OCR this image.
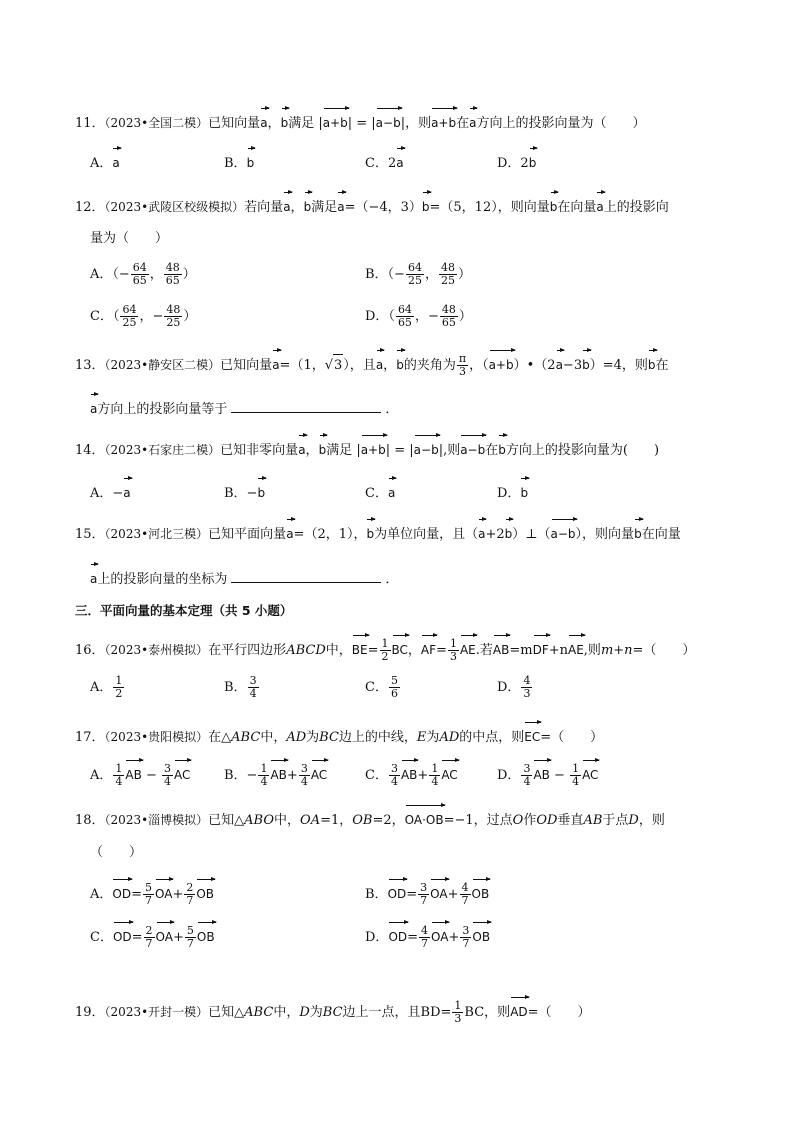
11．（2023•全国二模）已知向量a，b满足 |a+b| = |a−b|，则a+b在a方向上的投影向量为（　　）
A．a	B．b	C．2a	D．2b
12．（2023•武陵区校级模拟）若向量a，b满足a=（−4，3）b=（5，12），则向量b在向量a上的投影向
量为（　　）
A．（− $\frac{64}{65}$ ， $\frac{48}{65}$ ）	B．（− $\frac{64}{25}$ ， $\frac{48}{25}$ ）
C．（ $\frac{64}{25}$ ，− $\frac{48}{25}$ ）	D．（ $\frac{64}{65}$ ，− $\frac{48}{65}$ ）
13．（2023•静安区二模）已知向量a=（1，√3），且a，b的夹角为 $\frac{\pi}{3}$ ，（a+b）•（2a−3b）=4，则b在
a方向上的投影向量等于	．
14．（2023•石家庄二模）已知非零向量a，b满足 |a+b| = |a−b|,则a−b在b方向上的投影向量为(　　)
A．−a	B．−b	C．a	D．b
15．（2023•河北三模）已知平面向量a=（2，1），b为单位向量，且（a+2b）⊥（a−b），则向量b在向量
a上的投影向量的坐标为	．
三．平面向量的基本定理（共 5 小题）
16．（2023•泰州模拟）在平行四边形ABCD中，$BE= \frac{1}{2}$ BC，$AF= \frac{1}{3}$ AE.若AB=mDF+nAE,则m+n=（　　）
A． $\frac{1}{2}$	B． $\frac{3}{4}$	C． $\frac{5}{6}$	D． $\frac{4}{3}$
17．（2023•贵阳模拟）在△ABC中，AD为BC边上的中线，E为AD的中点，则EC=（　　）
A． $\frac{1}{4}$ AB − $\frac{3}{4}$ AC	B．− $\frac{1}{4} AB+ \frac{3}{4}$ AC	C． $\frac{3}{4} AB+ \frac{1}{4}$ AC	D． $\frac{3}{4}$ AB − $\frac{1}{4}$ AC
18．（2023•淄博模拟）已知△ABO中，OA=1，OB=2，OA·OB=−1，过点O作OD垂直AB于点D，则
（　　）
A．$OD= \frac{5}{7} OA+ \frac{2}{7}$ OB	B．$OD= \frac{3}{7} OA+ \frac{4}{7}$ OB
C．$OD= \frac{2}{7} OA+ \frac{5}{7}$ OB	D．$OD= \frac{4}{7} OA+ \frac{3}{7}$ OB
19．（2023•开封一模）已知△ABC中，D为BC边上一点，且$BD= \frac{1}{3}$ BC，则AD=（　　）
